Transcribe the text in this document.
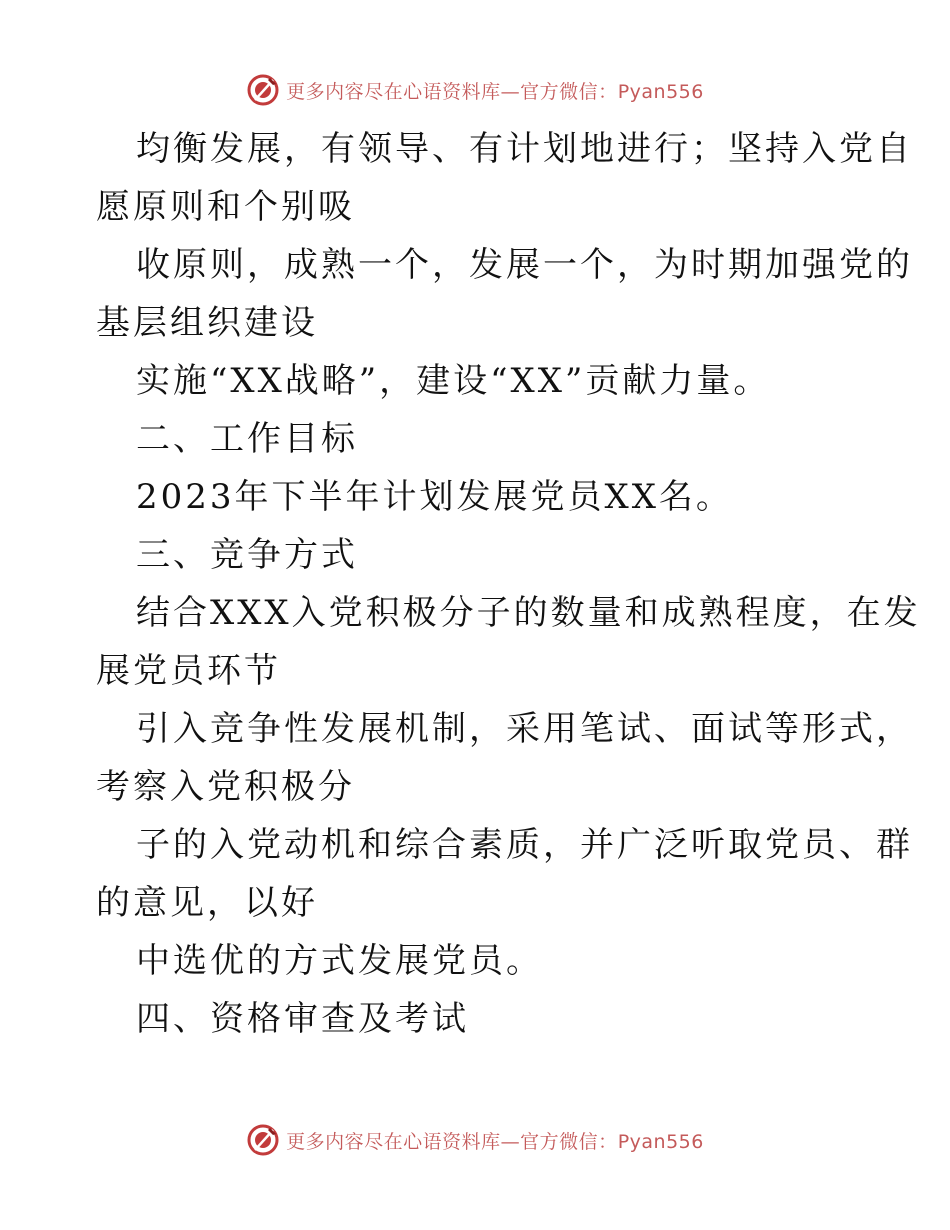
更多内容尽在心语资料库—官方微信：Pyan556
均衡发展，有领导、有计划地进行；坚持入党自
愿原则和个别吸
收原则，成熟一个，发展一个，为时期加强党的
基层组织建设
实施“XX战略”，建设“XX”贡献力量。
二、工作目标
2023年下半年计划发展党员XX名。
三、竞争方式
结合XXX入党积极分子的数量和成熟程度，在发
展党员环节
引入竞争性发展机制，采用笔试、面试等形式，
考察入党积极分
子的入党动机和综合素质，并广泛听取党员、群
的意见，以好
中选优的方式发展党员。
四、资格审查及考试
更多内容尽在心语资料库—官方微信：Pyan556
